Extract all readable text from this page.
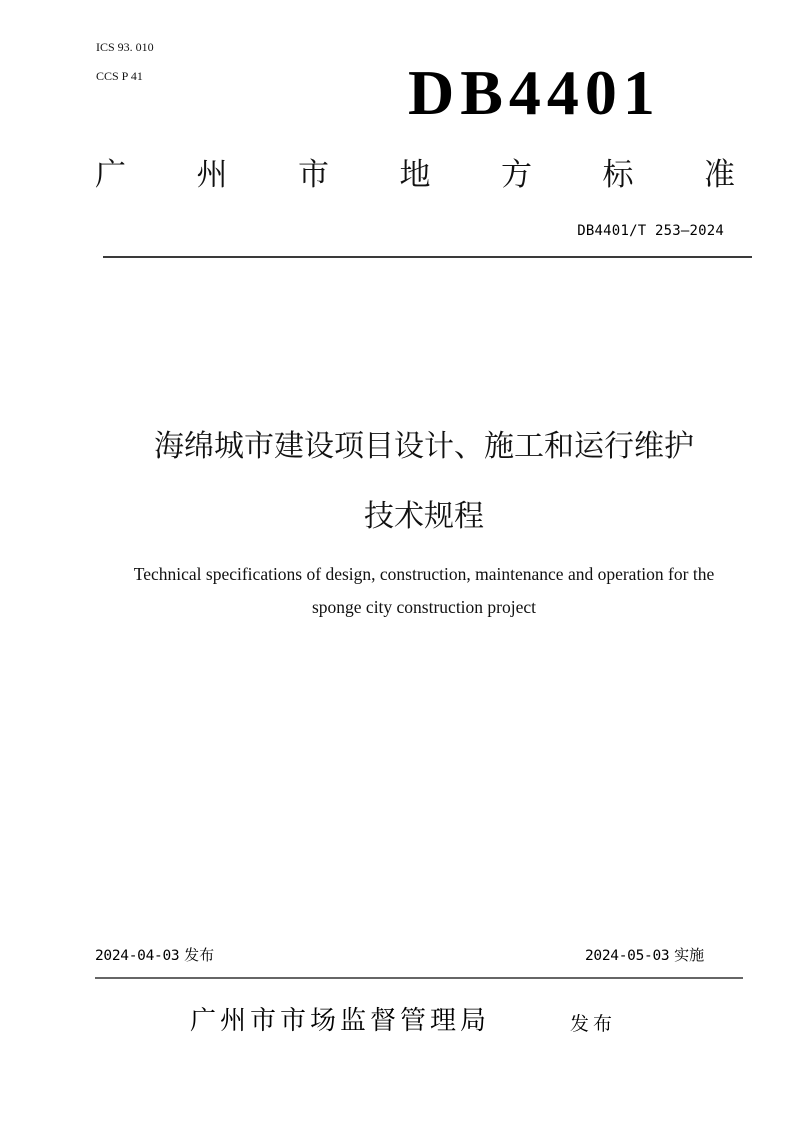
ICS 93. 010
CCS P 41	DB4401
广 州 市 地 方 标 准
DB4401/T 253—2024
海绵城市建设项目设计、施工和运行维护
技术规程
Technical specifications of design, construction, maintenance and operation for the
sponge city construction project
2024-04-03 发布	2024-05-03 实施
广州市市场监督管理局	发布
